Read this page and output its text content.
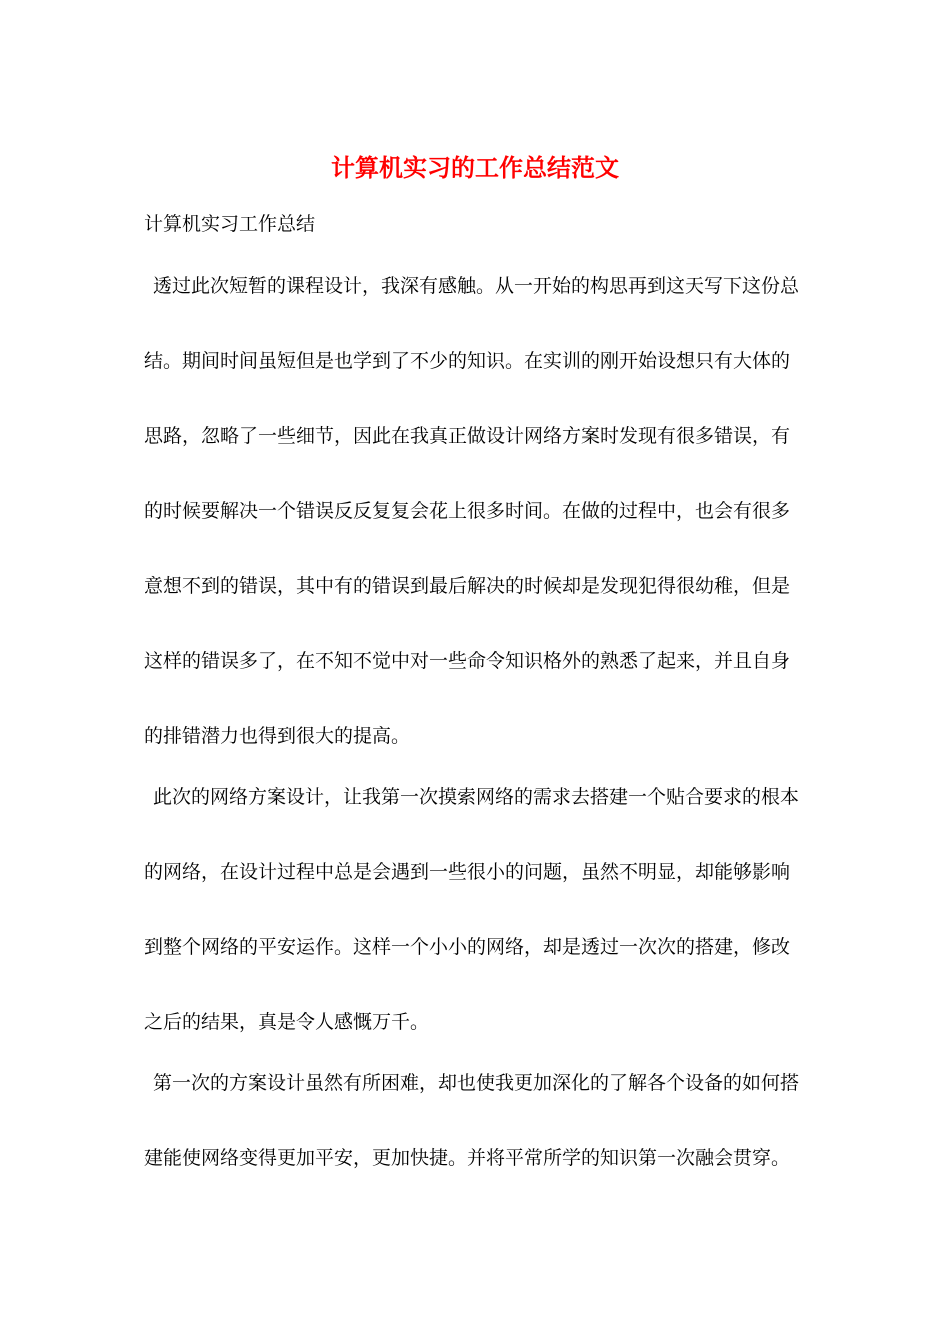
计算机实习的工作总结范文
计算机实习工作总结
透过此次短暂的课程设计，我深有感触。从一开始的构思再到这天写下这份总
结。期间时间虽短但是也学到了不少的知识。在实训的刚开始设想只有大体的
思路，忽略了一些细节，因此在我真正做设计网络方案时发现有很多错误，有
的时候要解决一个错误反反复复会花上很多时间。在做的过程中，也会有很多
意想不到的错误，其中有的错误到最后解决的时候却是发现犯得很幼稚，但是
这样的错误多了，在不知不觉中对一些命令知识格外的熟悉了起来，并且自身
的排错潜力也得到很大的提高。
此次的网络方案设计，让我第一次摸索网络的需求去搭建一个贴合要求的根本
的网络，在设计过程中总是会遇到一些很小的问题，虽然不明显，却能够影响
到整个网络的平安运作。这样一个小小的网络，却是透过一次次的搭建，修改
之后的结果，真是令人感慨万千。
第一次的方案设计虽然有所困难，却也使我更加深化的了解各个设备的如何搭
建能使网络变得更加平安，更加快捷。并将平常所学的知识第一次融会贯穿。
